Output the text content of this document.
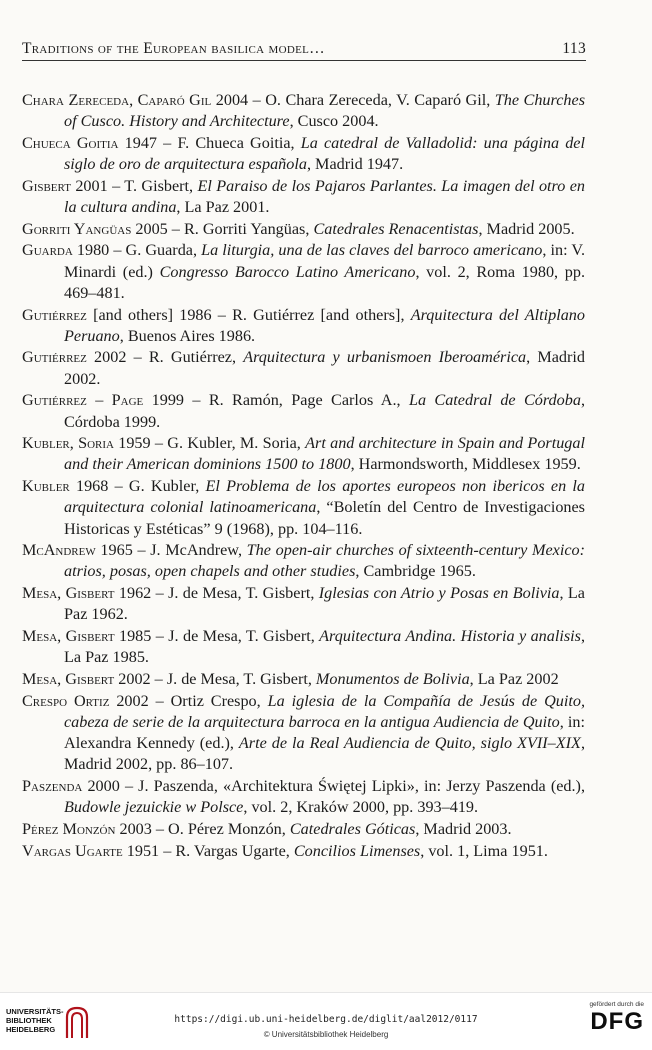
Traditions of the European basilica model…	113
Chara Zereceda, Caparó Gil 2004 – O. Chara Zereceda, V. Caparó Gil, The Churches of Cusco. History and Architecture, Cusco 2004.
Chueca Goitia 1947 – F. Chueca Goitia, La catedral de Valladolid: una página del siglo de oro de arquitectura española, Madrid 1947.
Gisbert 2001 – T. Gisbert, El Paraiso de los Pajaros Parlantes. La imagen del otro en la cultura andina, La Paz 2001.
Gorriti Yangüas 2005 – R. Gorriti Yangüas, Catedrales Renacentistas, Madrid 2005.
Guarda 1980 – G. Guarda, La liturgia, una de las claves del barroco americano, in: V. Minardi (ed.) Congresso Barocco Latino Americano, vol. 2, Roma 1980, pp. 469–481.
Gutiérrez [and others] 1986 – R. Gutiérrez [and others], Arquitectura del Altiplano Peruano, Buenos Aires 1986.
Gutiérrez 2002 – R. Gutiérrez, Arquitectura y urbanismoen Iberoamérica, Madrid 2002.
Gutiérrez – Page 1999 – R. Ramón, Page Carlos A., La Catedral de Córdoba, Córdoba 1999.
Kubler, Soria 1959 – G. Kubler, M. Soria, Art and architecture in Spain and Portugal and their American dominions 1500 to 1800, Harmondsworth, Middlesex 1959.
Kubler 1968 – G. Kubler, El Problema de los aportes europeos non ibericos en la arquitectura colonial latinoamericana, “Boletín del Centro de Investigaciones Historicas y Estéticas” 9 (1968), pp. 104–116.
McAndrew 1965 – J. McAndrew, The open-air churches of sixteenth-century Mexico: atrios, posas, open chapels and other studies, Cambridge 1965.
Mesa, Gisbert 1962 – J. de Mesa, T. Gisbert, Iglesias con Atrio y Posas en Bolivia, La Paz 1962.
Mesa, Gisbert 1985 – J. de Mesa, T. Gisbert, Arquitectura Andina. Historia y analisis, La Paz 1985.
Mesa, Gisbert 2002 – J. de Mesa, T. Gisbert, Monumentos de Bolivia, La Paz 2002
Crespo Ortiz 2002 – Ortiz Crespo, La iglesia de la Compañía de Jesús de Quito, cabeza de serie de la arquitectura barroca en la antigua Audiencia de Quito, in: Alexandra Kennedy (ed.), Arte de la Real Audiencia de Quito, siglo XVII–XIX, Madrid 2002, pp. 86–107.
Paszenda 2000 – J. Paszenda, «Architektura Świętej Lipki», in: Jerzy Paszenda (ed.), Budowle jezuickie w Polsce, vol. 2, Kraków 2000, pp. 393–419.
Pérez Monzón 2003 – O. Pérez Monzón, Catedrales Góticas, Madrid 2003.
Vargas Ugarte 1951 – R. Vargas Ugarte, Concilios Limenses, vol. 1, Lima 1951.
UNIVERSITÄTS-
BIBLIOTHEK
HEIDELBERG
https://digi.ub.uni-heidelberg.de/diglit/aal2012/0117
© Universitätsbibliothek Heidelberg
gefördert durch die
DFG
